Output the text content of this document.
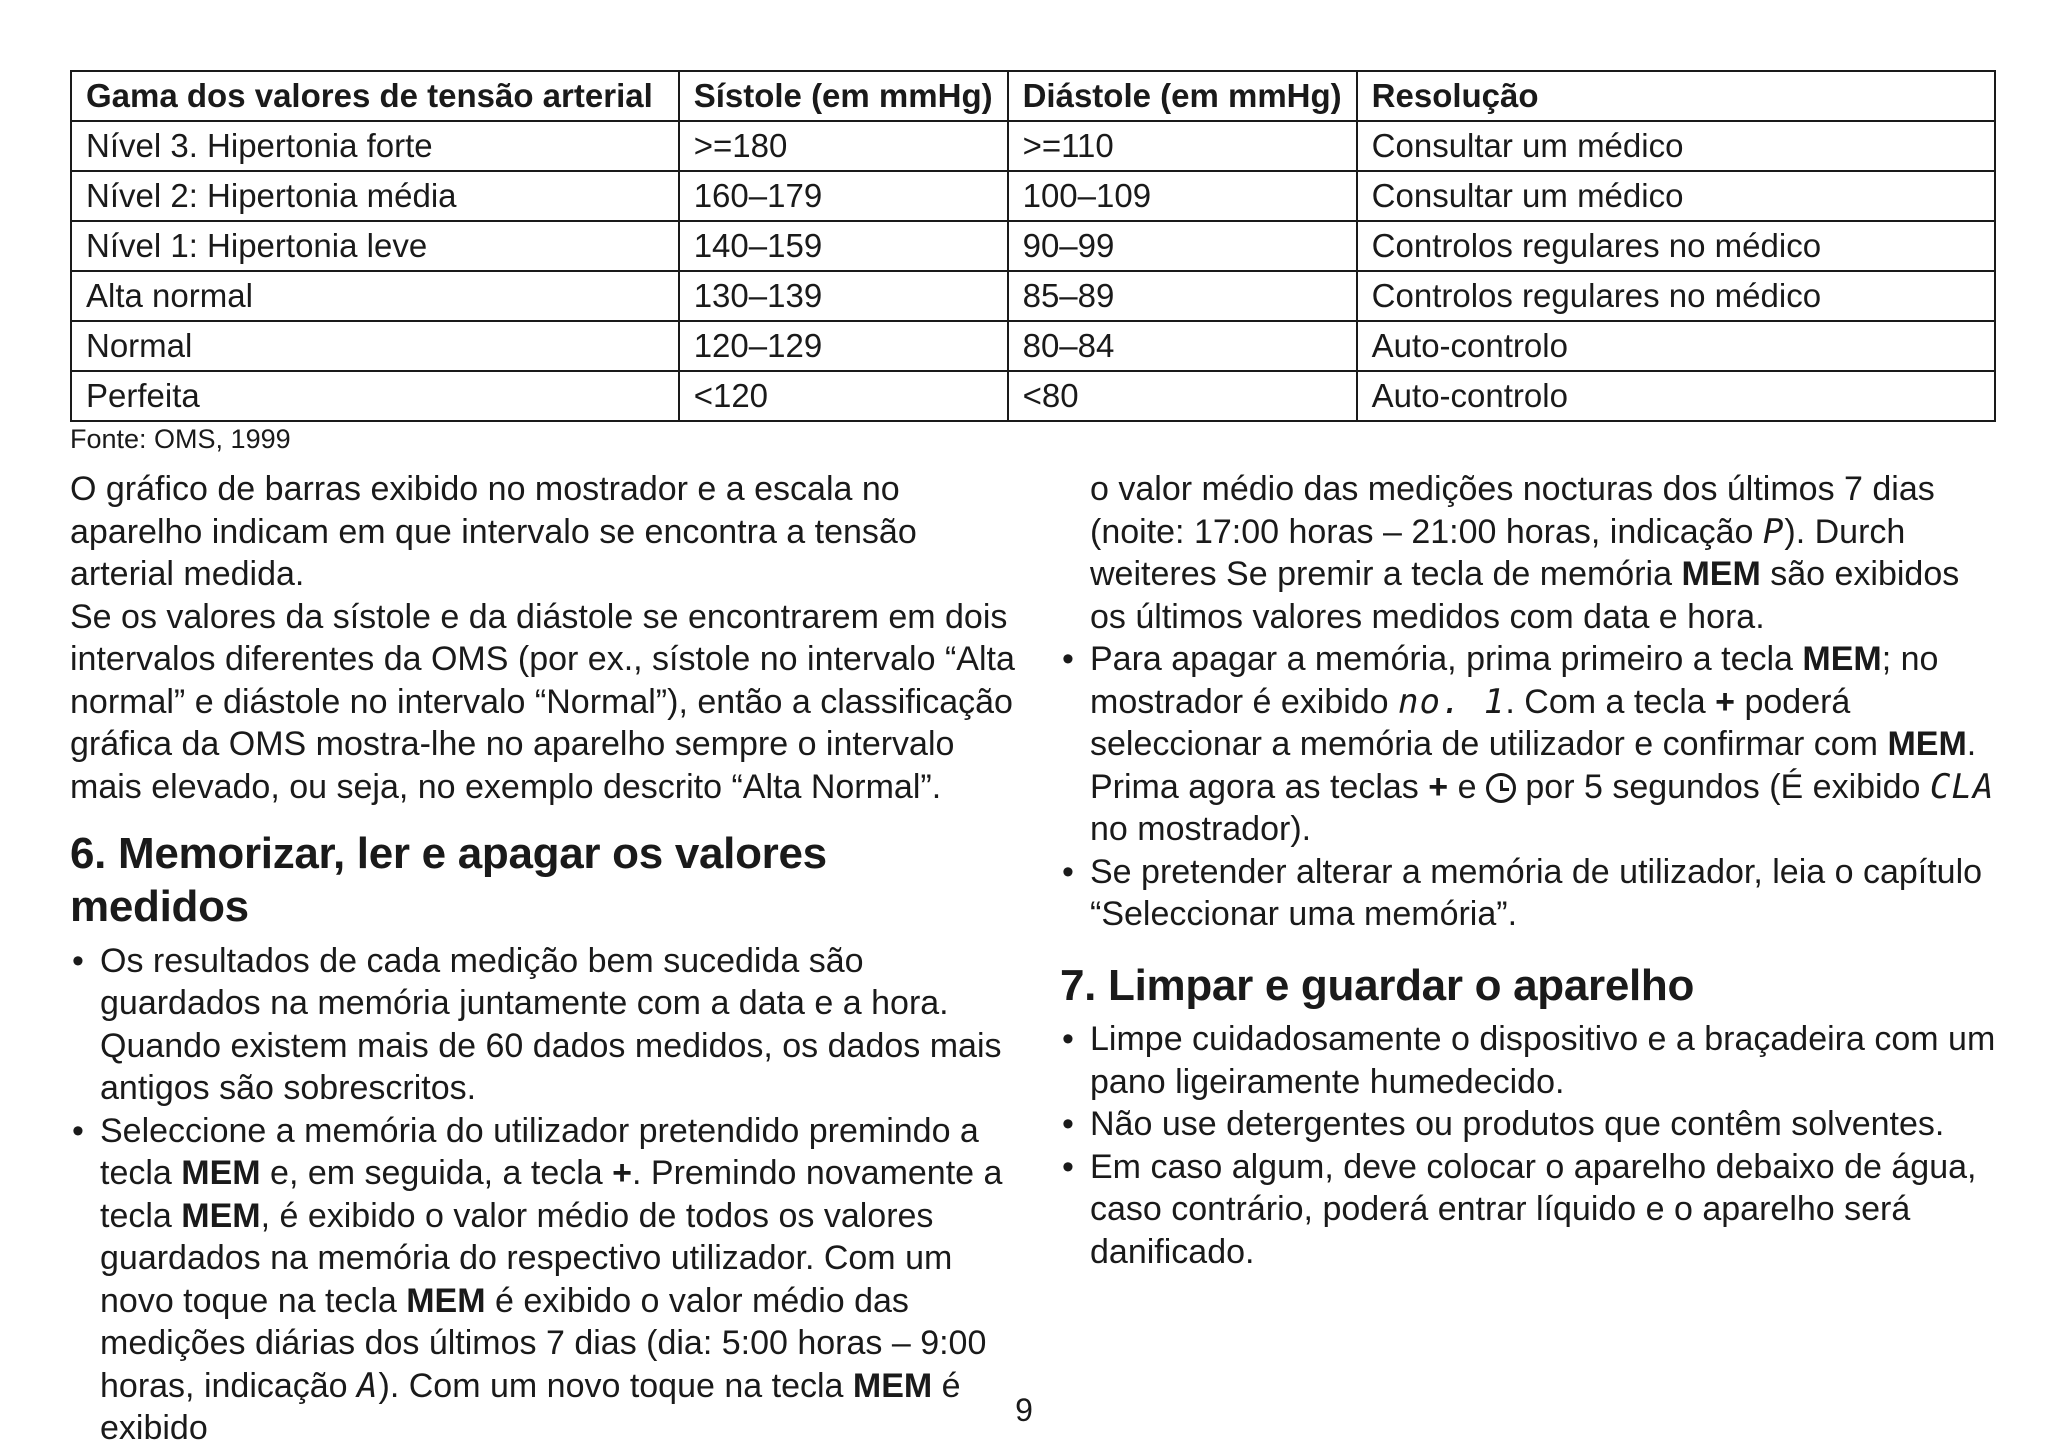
Gama dos valores de tensão arterial	Sístole (em mmHg)	Diástole (em mmHg)	Resolução
Nível 3. Hipertonia forte	>=180	>=110	Consultar um médico
Nível 2: Hipertonia média	160–179	100–109	Consultar um médico
Nível 1: Hipertonia leve	140–159	90–99	Controlos regulares no médico
Alta normal	130–139	85–89	Controlos regulares no médico
Normal	120–129	80–84	Auto-controlo
Perfeita	<120	<80	Auto-controlo
Fonte: OMS, 1999

O gráfico de barras exibido no mostrador e a escala no aparelho indicam em que intervalo se encontra a tensão arterial medida.

Se os valores da sístole e da diástole se encontrarem em dois intervalos diferentes da OMS (por ex., sístole no intervalo “Alta normal” e diástole no intervalo “Normal”), então a classificação gráfica da OMS mostra-lhe no aparelho sempre o intervalo mais elevado, ou seja, no exemplo descrito “Alta Normal”.

6. Memorizar, ler e apagar os valores medidos
• Os resultados de cada medição bem sucedida são guardados na memória juntamente com a data e a hora. Quando existem mais de 60 dados medidos, os dados mais antigos são sobrescritos.
• Seleccione a memória do utilizador pretendido premindo a tecla MEM e, em seguida, a tecla +. Premindo novamente a tecla MEM, é exibido o valor médio de todos os valores guardados na memória do respectivo utilizador. Com um novo toque na tecla MEM é exibido o valor médio das medições diárias dos últimos 7 dias (dia: 5:00 horas – 9:00 horas, indicação A). Com um novo toque na tecla MEM é exibido

o valor médio das medições nocturas dos últimos 7 dias (noite: 17:00 horas – 21:00 horas, indicação P). Durch weiteres Se premir a tecla de memória MEM são exibidos os últimos valores medidos com data e hora.

• Para apagar a memória, prima primeiro a tecla MEM; no mostrador é exibido no. 1. Com a tecla + poderá seleccionar a memória de utilizador e confirmar com MEM. Prima agora as teclas + e  por 5 segundos (É exibido CLA no mostrador).
• Se pretender alterar a memória de utilizador, leia o capítulo “Seleccionar uma memória”.
7. Limpar e guardar o aparelho
• Limpe cuidadosamente o dispositivo e a braçadeira com um pano ligeiramente humedecido.
• Não use detergentes ou produtos que contêm solventes.
• Em caso algum, deve colocar o aparelho debaixo de água, caso contrário, poderá entrar líquido e o aparelho será danificado.
9
